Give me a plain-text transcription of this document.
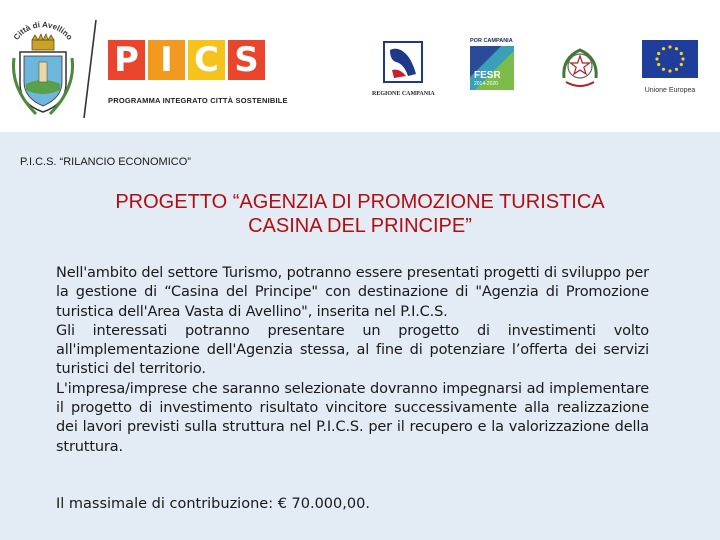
Città di Avellino
P I C S
PROGRAMMA INTEGRATO CITTÀ SOSTENIBILE
REGIONE CAMPANIA
POR CAMPANIA
FESR
2014-2020
Unione Europea
P.I.C.S. “RILANCIO ECONOMICO”
PROGETTO “AGENZIA DI PROMOZIONE TURISTICA
CASINA DEL PRINCIPE”

Nell'ambito del settore Turismo, potranno essere presentati progetti di sviluppo per la gestione di “Casina del Principe" con destinazione di "Agenzia di Promozione turistica dell'Area Vasta di Avellino", inserita nel P.I.C.S.

Gli interessati potranno presentare un progetto di investimenti volto all'implementazione dell'Agenzia stessa, al fine di potenziare l’offerta dei servizi turistici del territorio.

L'impresa/imprese che saranno selezionate dovranno impegnarsi ad implementare il progetto di investimento risultato vincitore successivamente alla realizzazione dei lavori previsti sulla struttura nel P.I.C.S. per il recupero e la valorizzazione della struttura.

Il massimale di contribuzione: € 70.000,00.
